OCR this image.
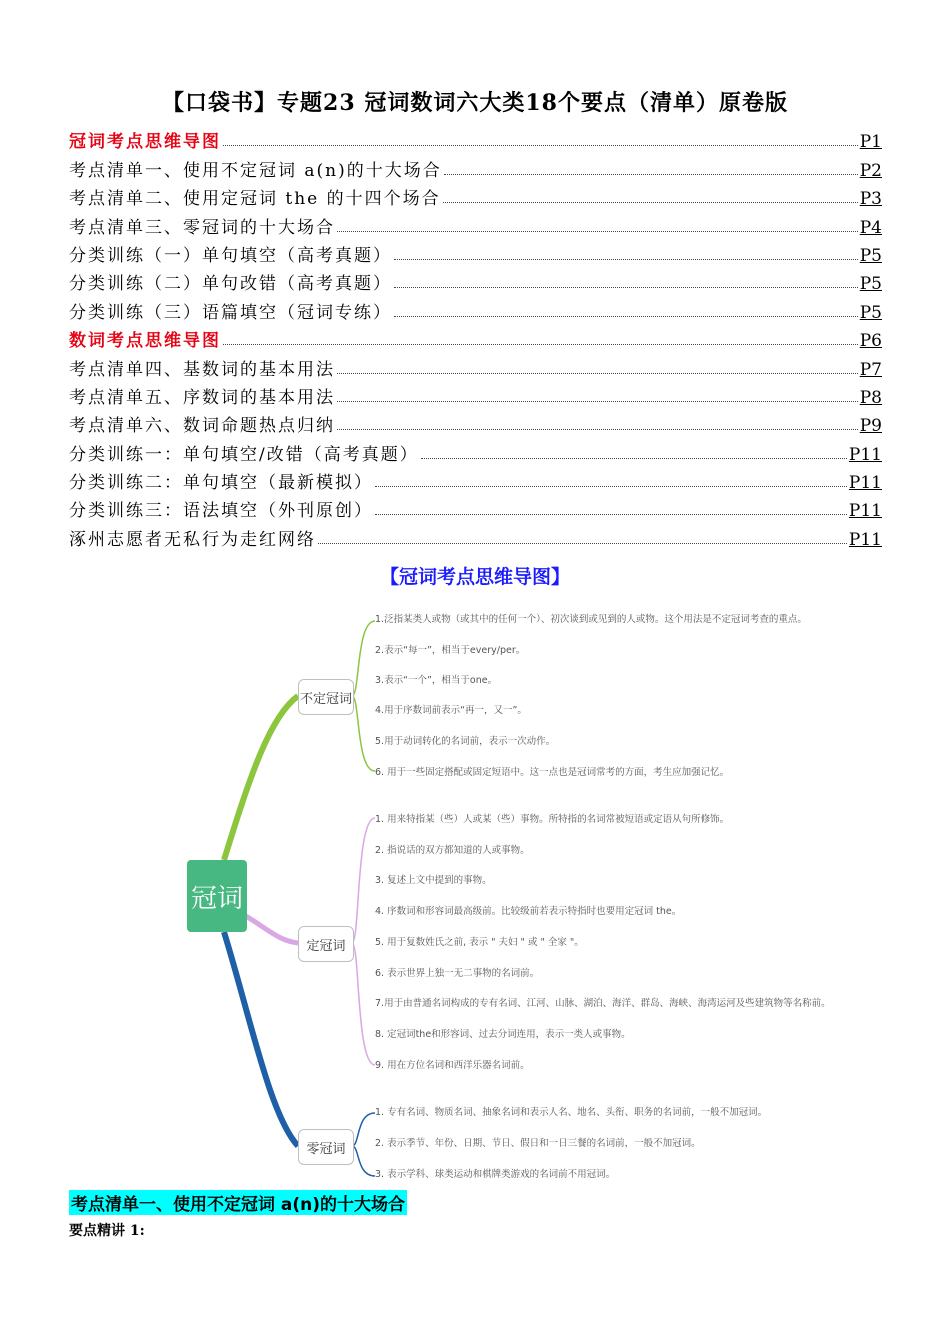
【口袋书】专题23 冠词数词六大类18个要点（清单）原卷版
冠词考点思维导图	P1
考点清单一、使用不定冠词 a(n)的十大场合	P2
考点清单二、使用定冠词 the 的十四个场合	P3
考点清单三、零冠词的十大场合	P4
分类训练（一）单句填空（高考真题）	P5
分类训练（二）单句改错（高考真题）	P5
分类训练（三）语篇填空（冠词专练）	P5
数词考点思维导图	P6
考点清单四、基数词的基本用法	P7
考点清单五、序数词的基本用法	P8
考点清单六、数词命题热点归纳	P9
分类训练一：单句填空/改错（高考真题）	P11
分类训练二：单句填空（最新模拟）	P11
分类训练三：语法填空（外刊原创）	P11
涿州志愿者无私行为走红网络	P11
【冠词考点思维导图】
冠词
不定冠词
定冠词
零冠词
1.泛指某类人或物（或其中的任何一个）、初次谈到或见到的人或物。这个用法是不定冠词考查的重点。
2.表示“每一”，相当于every/per。
3.表示“一个”，相当于one。
4.用于序数词前表示“再一，又一”。
5.用于动词转化的名词前，表示一次动作。
6. 用于一些固定搭配或固定短语中。这一点也是冠词常考的方面，考生应加强记忆。
1. 用来特指某（些）人或某（些）事物。所特指的名词常被短语或定语从句所修饰。
2. 指说话的双方都知道的人或事物。
3. 复述上文中提到的事物。
4. 序数词和形容词最高级前。比较级前若表示特指时也要用定冠词 the。
5. 用于复数姓氏之前, 表示 " 夫妇 " 或 " 全家 "。
6. 表示世界上独一无二事物的名词前。
7.用于由普通名词构成的专有名词、江河、山脉、湖泊、海洋、群岛、海峡、海湾运河及些建筑物等名称前。
8. 定冠词the和形容词、过去分词连用，表示一类人或事物。
9. 用在方位名词和西洋乐器名词前。
1. 专有名词、物质名词、抽象名词和表示人名、地名、头衔、职务的名词前，一般不加冠词。
2. 表示季节、年份、日期、节日、假日和一日三餐的名词前，一般不加冠词。
3. 表示学科、球类运动和棋牌类游戏的名词前不用冠词。
考点清单一、使用不定冠词 a(n)的十大场合
要点精讲 1:
